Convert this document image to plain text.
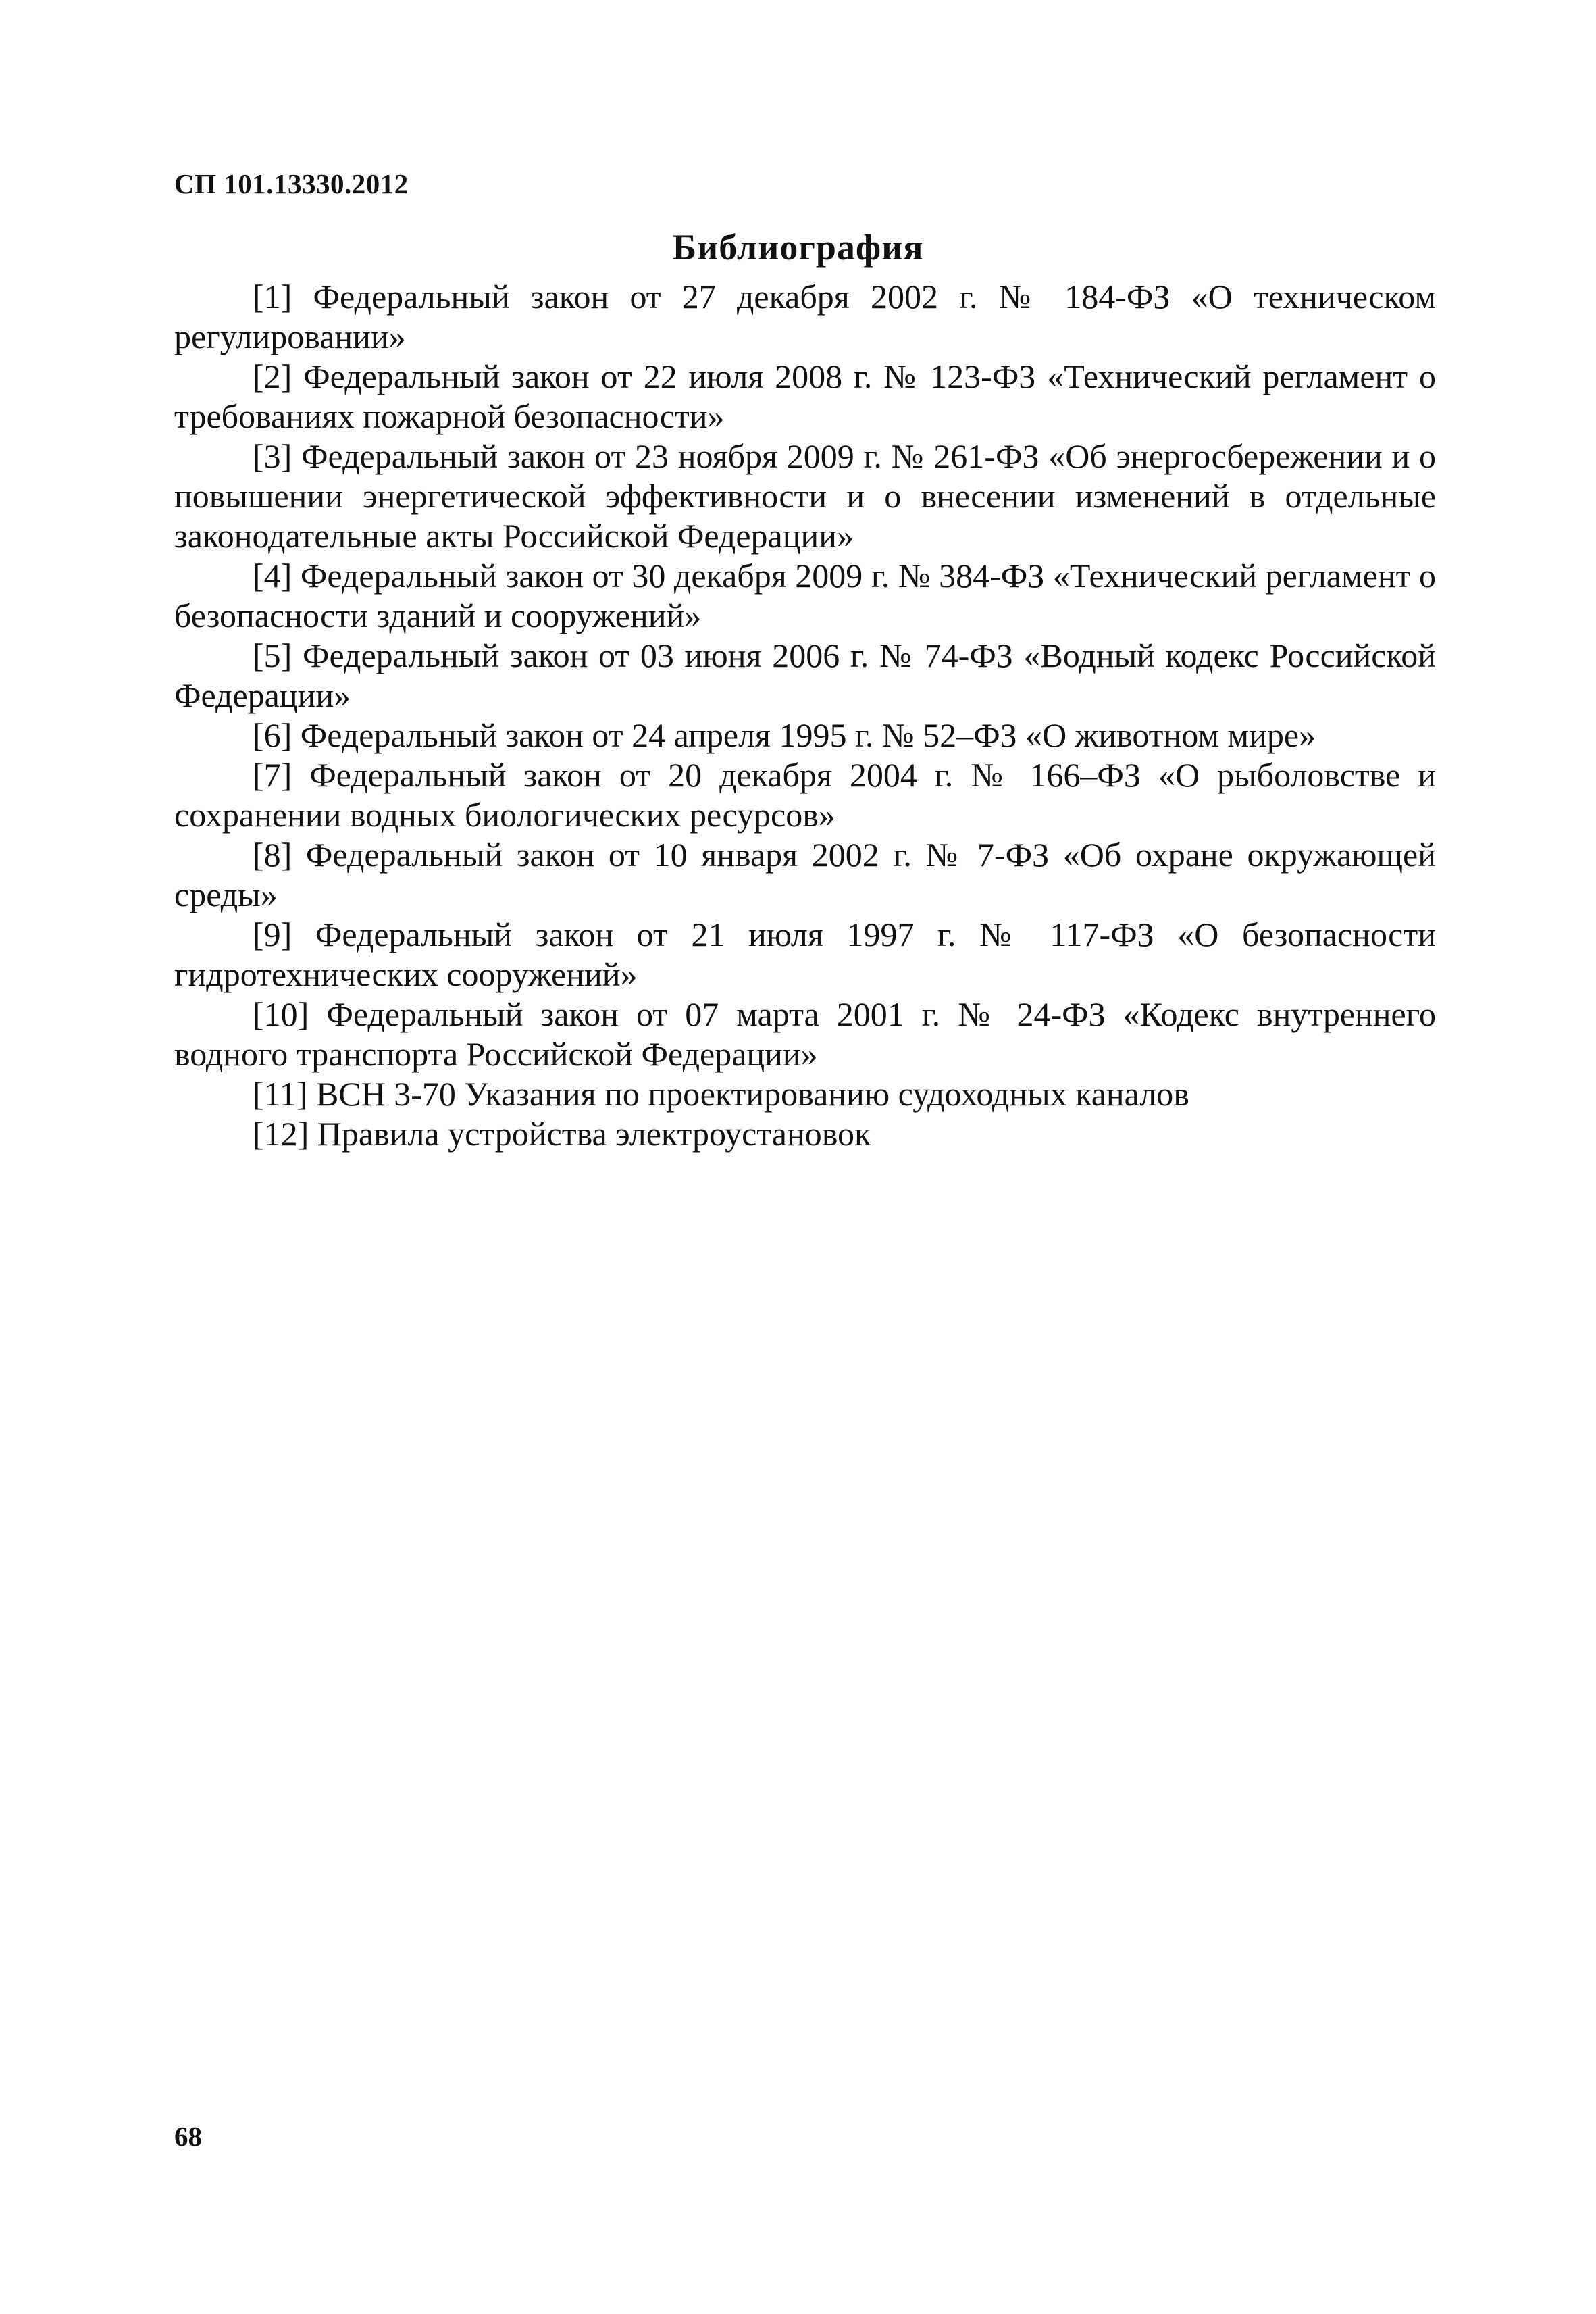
СП 101.13330.2012
Библиография
[1] Федеральный закон от 27 декабря 2002 г. № 184-ФЗ «О техническом регулировании»
[2] Федеральный закон от 22 июля 2008 г. № 123-ФЗ «Технический регламент о требованиях пожарной безопасности»
[3] Федеральный закон от 23 ноября 2009 г. № 261-ФЗ «Об энергосбережении и о повышении энергетической эффективности и о внесении изменений в отдельные законодательные акты Российской Федерации»
[4] Федеральный закон от 30 декабря 2009 г. № 384-ФЗ «Технический регламент о безопасности зданий и сооружений»
[5] Федеральный закон от 03 июня 2006 г. № 74-ФЗ «Водный кодекс Российской Федерации»
[6] Федеральный закон от 24 апреля 1995 г. № 52–ФЗ «О животном мире»
[7] Федеральный закон от 20 декабря 2004 г. № 166–ФЗ «О рыболовстве и сохранении водных биологических ресурсов»
[8] Федеральный закон от 10 января 2002 г. № 7-ФЗ «Об охране окружающей среды»
[9] Федеральный закон от 21 июля 1997 г. № 117-ФЗ «О безопасности гидротехнических сооружений»
[10] Федеральный закон от 07 марта 2001 г. № 24-ФЗ «Кодекс внутреннего водного транспорта Российской Федерации»
[11] ВСН 3-70 Указания по проектированию судоходных каналов
[12] Правила устройства электроустановок
68
